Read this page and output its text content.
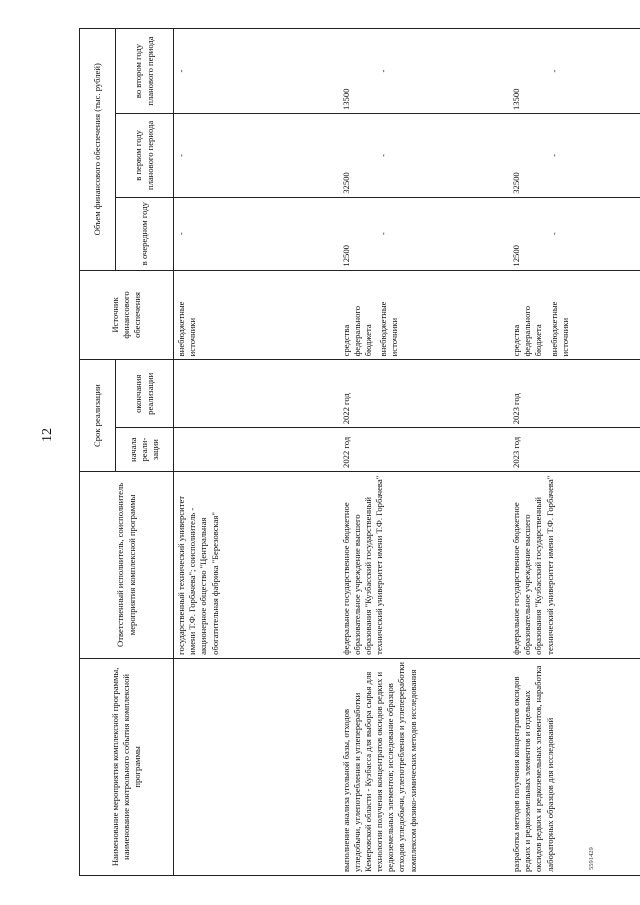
12
5591429
Наименование мероприятия комплексной программы, наименование контрольного события комплексной программы	Ответственный исполнитель, соисполнитель мероприятия комплексной программы	Срок реализации		Источник финансового обеспечения	Объем финансового обеспечения (тыс. рублей)		
		начала реали-зации	окончания реализации		в очередном году	в первом году планового периода	во втором году планового периода
	государственный технический университет имени Т.Ф. Горбачева"; соисполнитель - акционерное общество "Центральная обогатительная фабрика "Березовская"			внебюджетные источники	-	-	-
выполнение анализа угольной базы, отходов угледобычи, углепотребления и углепереработки Кемеровской области - Кузбасса для выбора сырья для технологии получения концентратов оксидов редких и редкоземельных элементов; исследование образцов отходов угледобычи, углепотребления и углепереработки комплексом физико-химических методов исследования	федеральное государственное бюджетное образовательное учреждение высшего образования "Кузбасский государственный технический университет имени Т.Ф. Горбачева"	2022 год	2022 год	средства федерального бюджета	12500	32500	13500
				внебюджетные источники	-	-	-
разработка методов получения концентратов оксидов редких и редкоземельных элементов и отдельных оксидов редких и редкоземельных элементов, наработка лабораторных образцов для исследований	федеральное государственное бюджетное образовательное учреждение высшего образования "Кузбасский государственный технический университет имени Т.Ф. Горбачева"	2023 год	2023 год	средства федерального бюджета	12500	32500	13500
				внебюджетные источники	-	-	-
